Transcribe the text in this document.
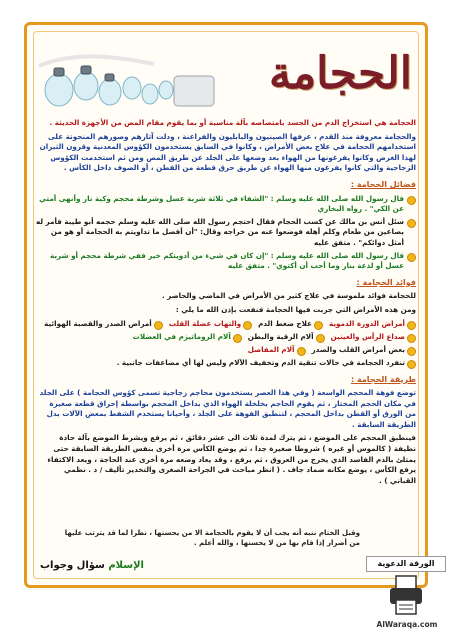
الحجامة

الحجامة هي استخراج الدم من الجسد بامتصاصه بآلة مناسبة أو بما يقوم مقام المص من الأجهزة الحديثة .

والحجامة معروفة منذ القدم ، عرفها الصينيون والبابليون والفراعنة ، ودلت آثارهم وصورهم المنحوتة على استخدامهم الحجامة في علاج بعض الأمراض ، وكانوا في السابق يستخدمون الكؤوس المعدنية وقرون الثيران لهذا الغرض وكانوا يفرغونها من الهواء بعد وضعها على الجلد عن طريق المص ومن ثم استخدمت الكؤوس الزجاجية والتي كانوا يفرغون منها الهواء عن طريق حرق قطعة من القطن ، أو الصوف داخل الكأس .

فضائل الحجامة :
قال رسول الله صلى الله عليه وسلم : "الشفاء في ثلاثة شربة عسل وشرطة محجم وكية نار وأنهى أمتي عن الكي" . رواه البخاري
سئل أنس بن مالك عن كسب الحجام فقال احتجم رسول الله صلى الله عليه وسلم حجمه أبو طيبة فأمر له بصاعين من طعام وكلم أهله فوضعوا عنه من خراجه وقال: "أن أفضل ما تداويتم به الحجامة أو هو من أمثل دوائكم" . متفق عليه
قال رسول الله صلى الله عليه وسلم : "إن كان في شيء من أدويتكم خير ففي شرطة محجم أو شربة عسل أو لذعة بنار وما أحب أن أكتوي" . متفق عليه
فوائد الحجامة :

للحجامة فوائد ملموسة في علاج كثير من الأمراض في الماضي والحاضر .

ومن هذه الأمراض التي جربت فيها الحجامة فنفعت بإذن الله ما يلي :

أمراض الدورة الدموية
علاج ضغط الدم
والتهاب عضلة القلب
أمراض الصدر والقصبة الهوائية
صداع الرأس والعينين
آلام الرقبة والبطن
آلام الروماتيزم في العضلات
بعض أمراض القلب والصدر
آلام المفاصل
تنفرد الحجامة في حالات تنقية الدم وتخفيف الآلام وليس لها أي مضاعفات جانبية .
طريقة الحجامة :

توضع فوهة المحجم الواسعة ( وفي هذا العصر يستخدمون محاجم زجاجية تسمى كؤوس الحجامة ) على الجلد في مكان الحجم المختار ، ثم يقوم الحاجم بخلخلة الهواء الذي بداخل المحجم بواسطة إحراق قطعة صغيرة من الورق أو القطن بداخل المحجم ، لتنطبق الفوهة على الجلد ، وأحيانا يستخدم الشفط بمعض الآلات بدل الطريقة السابقة .

فينطبق المحجم على الموضع ، ثم يترك لمدة ثلاث الى عشر دقائق ، ثم يرفع ويشرط الموضع بآلة حادة نظيفة ( كالموس أو غيره ) شروطا صغيرة جدا ، ثم يوضع الكأس مرة أخرى بنفس الطريقة السابقة حتى يمتلئ بالدم الفاسد الذي يخرج من العروق ، ثم يرفع ، وقد يعاد وضعه مرة أخرى عند الحاجة ، ويعد الاكتفاء يرفع الكأس ، يوضع مكانه ضماد جاف . ( انظر مباحث في الجراحة الصغرى والتخدير تأليف / د . نظمي القباني ) .

وقبل الختام ننبه أنه يجب أن لا يقوم بالحجامة الا من يحسنها ، نظرا لما قد يترتب عليها من أضرار إذا قام بها من لا يحسنها ، والله أعلم .
الإسلام سؤال وجواب	الورقة الدعوية
AlWaraqa.com
